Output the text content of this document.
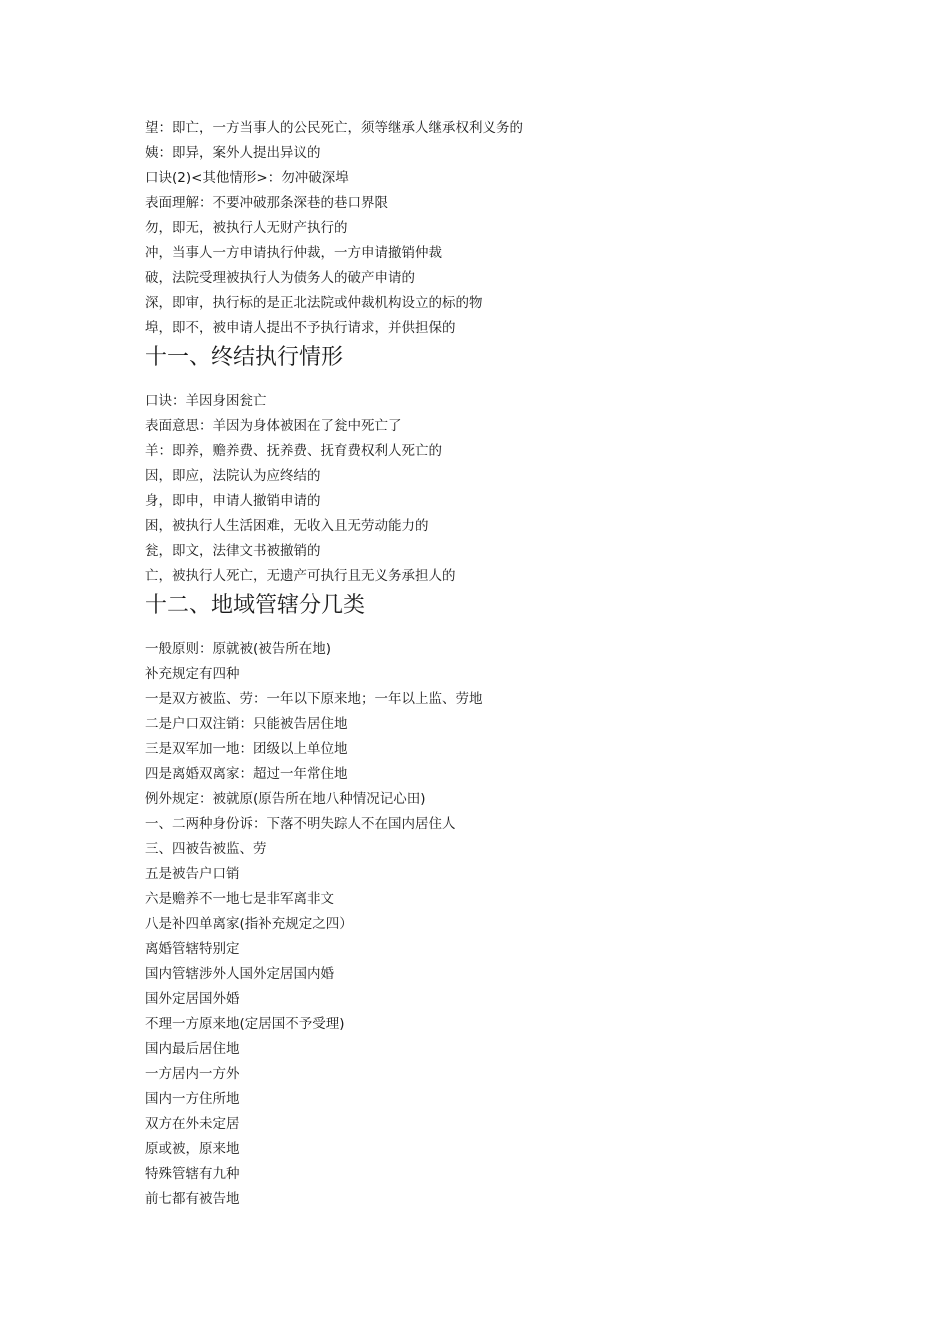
望：即亡，一方当事人的公民死亡，须等继承人继承权利义务的

姨：即异，案外人提出异议的

口诀(2)<其他情形>：勿冲破深埠

表面理解：不要冲破那条深巷的巷口界限

勿，即无，被执行人无财产执行的

冲，当事人一方申请执行仲裁，一方申请撤销仲裁

破，法院受理被执行人为债务人的破产申请的

深，即审，执行标的是正北法院或仲裁机构设立的标的物

埠，即不，被申请人提出不予执行请求，并供担保的

十一、终结执行情形

口诀：羊因身困瓮亡

表面意思：羊因为身体被困在了瓮中死亡了

羊：即养，赡养费、抚养费、抚育费权利人死亡的

因，即应，法院认为应终结的

身，即申，申请人撤销申请的

困，被执行人生活困难，无收入且无劳动能力的

瓮，即文，法律文书被撤销的

亡，被执行人死亡，无遗产可执行且无义务承担人的

十二、地域管辖分几类

一般原则：原就被(被告所在地)

补充规定有四种

一是双方被监、劳：一年以下原来地；一年以上监、劳地

二是户口双注销：只能被告居住地

三是双军加一地：团级以上单位地

四是离婚双离家：超过一年常住地

例外规定：被就原(原告所在地八种情况记心田)

一、二两种身份诉：下落不明失踪人不在国内居住人

三、四被告被监、劳

五是被告户口销

六是赡养不一地七是非军离非文

八是补四单离家(指补充规定之四）

离婚管辖特别定

国内管辖涉外人国外定居国内婚

国外定居国外婚

不理一方原来地(定居国不予受理)

国内最后居住地

一方居内一方外

国内一方住所地

双方在外未定居

原或被，原来地

特殊管辖有九种

前七都有被告地
